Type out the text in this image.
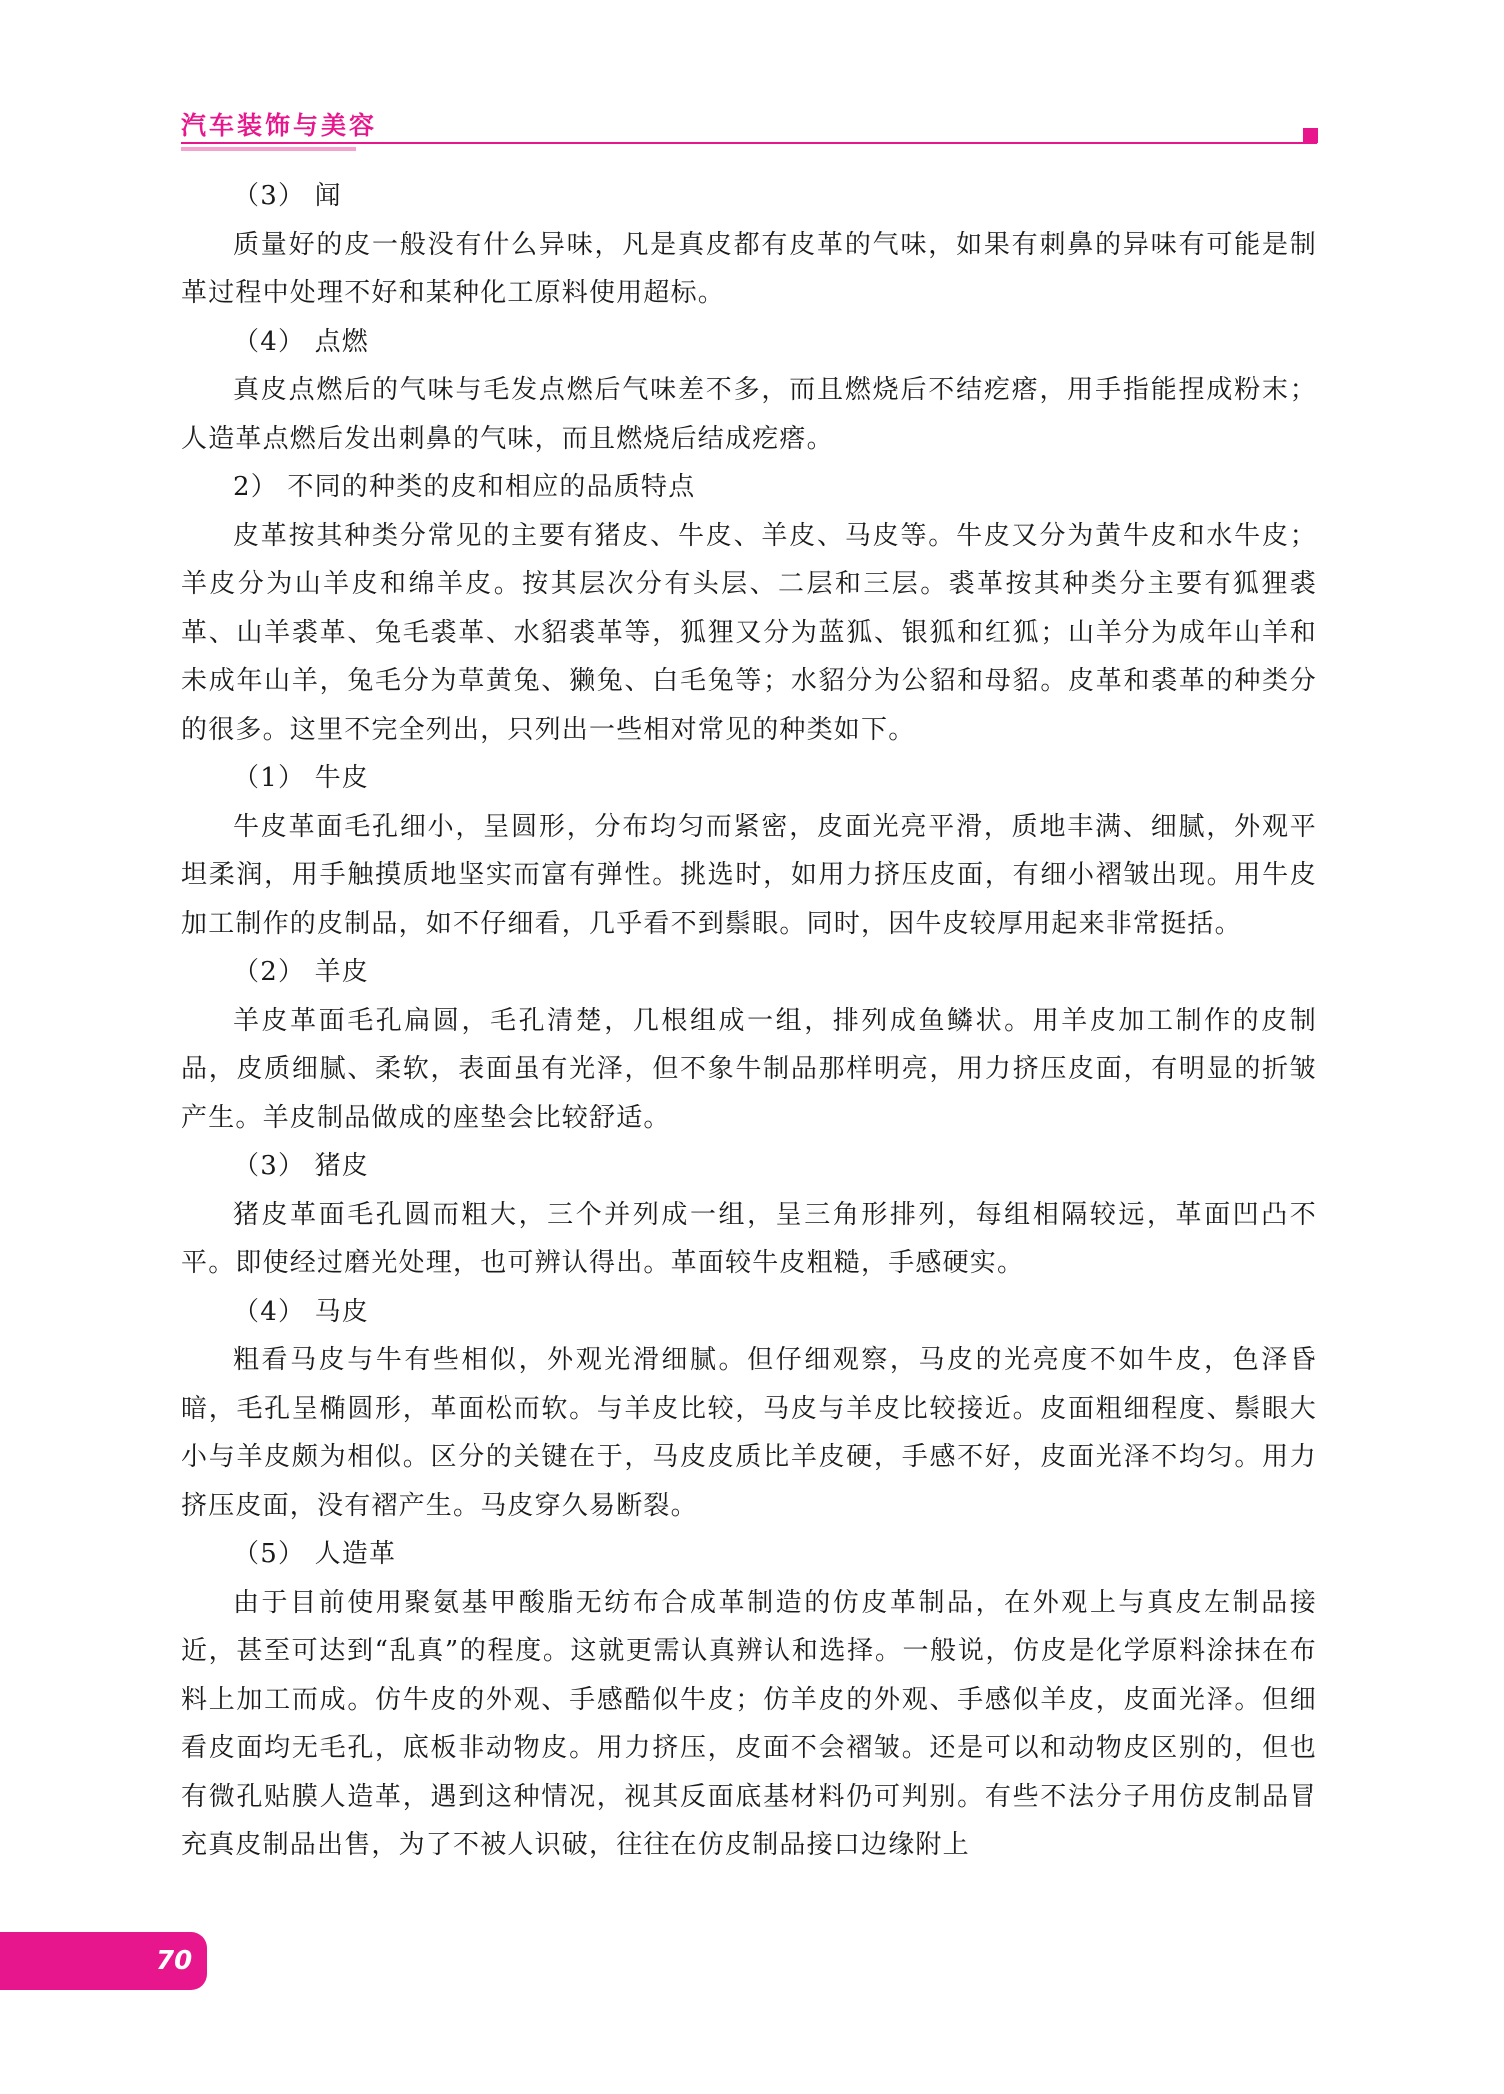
汽车装饰与美容

（3） 闻

质量好的皮一般没有什么异味，凡是真皮都有皮革的气味，如果有刺鼻的异味有可能是制革过程中处理不好和某种化工原料使用超标。

（4） 点燃

真皮点燃后的气味与毛发点燃后气味差不多，而且燃烧后不结疙瘩，用手指能捏成粉末；人造革点燃后发出刺鼻的气味，而且燃烧后结成疙瘩。

2） 不同的种类的皮和相应的品质特点

皮革按其种类分常见的主要有猪皮、牛皮、羊皮、马皮等。牛皮又分为黄牛皮和水牛皮；羊皮分为山羊皮和绵羊皮。按其层次分有头层、二层和三层。裘革按其种类分主要有狐狸裘革、山羊裘革、兔毛裘革、水貂裘革等，狐狸又分为蓝狐、银狐和红狐；山羊分为成年山羊和未成年山羊，兔毛分为草黄兔、獭兔、白毛兔等；水貂分为公貂和母貂。皮革和裘革的种类分的很多。这里不完全列出，只列出一些相对常见的种类如下。

（1） 牛皮

牛皮革面毛孔细小，呈圆形，分布均匀而紧密，皮面光亮平滑，质地丰满、细腻，外观平坦柔润，用手触摸质地坚实而富有弹性。挑选时，如用力挤压皮面，有细小褶皱出现。用牛皮加工制作的皮制品，如不仔细看，几乎看不到鬃眼。同时，因牛皮较厚用起来非常挺括。

（2） 羊皮

羊皮革面毛孔扁圆，毛孔清楚，几根组成一组，排列成鱼鳞状。用羊皮加工制作的皮制品，皮质细腻、柔软，表面虽有光泽，但不象牛制品那样明亮，用力挤压皮面，有明显的折皱产生。羊皮制品做成的座垫会比较舒适。

（3） 猪皮

猪皮革面毛孔圆而粗大，三个并列成一组，呈三角形排列，每组相隔较远，革面凹凸不平。即使经过磨光处理，也可辨认得出。革面较牛皮粗糙，手感硬实。

（4） 马皮

粗看马皮与牛有些相似，外观光滑细腻。但仔细观察，马皮的光亮度不如牛皮，色泽昏暗，毛孔呈椭圆形，革面松而软。与羊皮比较，马皮与羊皮比较接近。皮面粗细程度、鬃眼大小与羊皮颇为相似。区分的关键在于，马皮皮质比羊皮硬，手感不好，皮面光泽不均匀。用力挤压皮面，没有褶产生。马皮穿久易断裂。

（5） 人造革

由于目前使用聚氨基甲酸脂无纺布合成革制造的仿皮革制品，在外观上与真皮左制品接近，甚至可达到“乱真”的程度。这就更需认真辨认和选择。一般说，仿皮是化学原料涂抹在布料上加工而成。仿牛皮的外观、手感酷似牛皮；仿羊皮的外观、手感似羊皮，皮面光泽。但细看皮面均无毛孔，底板非动物皮。用力挤压，皮面不会褶皱。还是可以和动物皮区别的，但也有微孔贴膜人造革，遇到这种情况，视其反面底基材料仍可判别。有些不法分子用仿皮制品冒充真皮制品出售，为了不被人识破，往往在仿皮制品接口边缘附上

70
